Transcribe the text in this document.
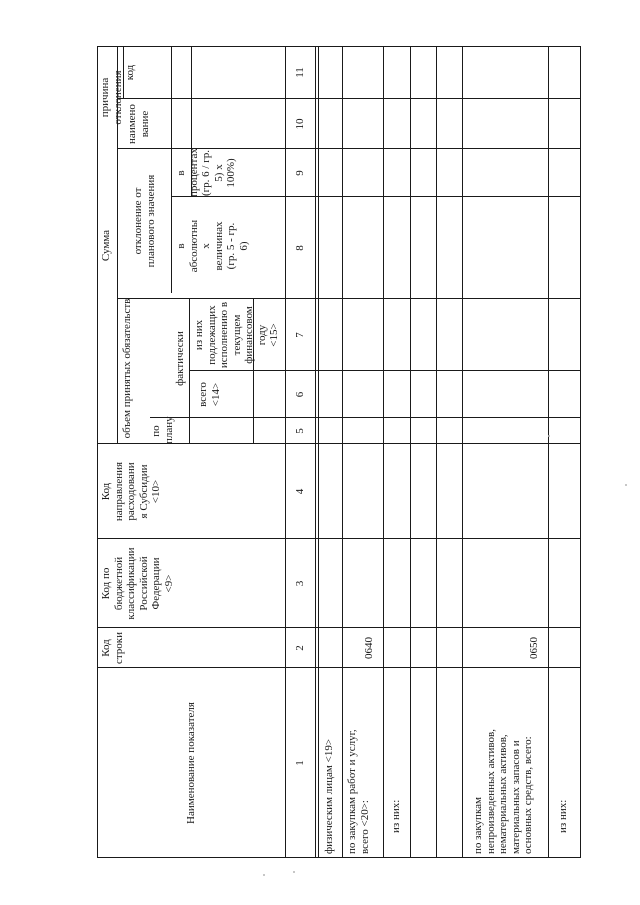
Наименование показателя
Код
строки
Код по
бюджетной
классификации
Российской
Федерации
<9>
Код
направления
расходовани
я Субсидии
<10>
Сумма
объем принятых обязательств по
плану
фактически
всего
<14>
из них
подлежащих
исполнению в
текущем
финансовом году
<15>
отклонение от
планового значения
в
абсолютны
х
величинах
(гр. 5 - гр.
6)
в
процентах
(гр. 6 / гр.
5) х 100%)
причина
отклонения код
наимено
вание
1
2
3
4
5
6
7
8
9
10
11
физическим лицам <19> по закупкам работ и услуг,
всего <20>:
0640
из них:
по закупкам
непроизведенных активов,
нематериальных активов,
материальных запасов и
основных средств, всего:
0650
из них:
